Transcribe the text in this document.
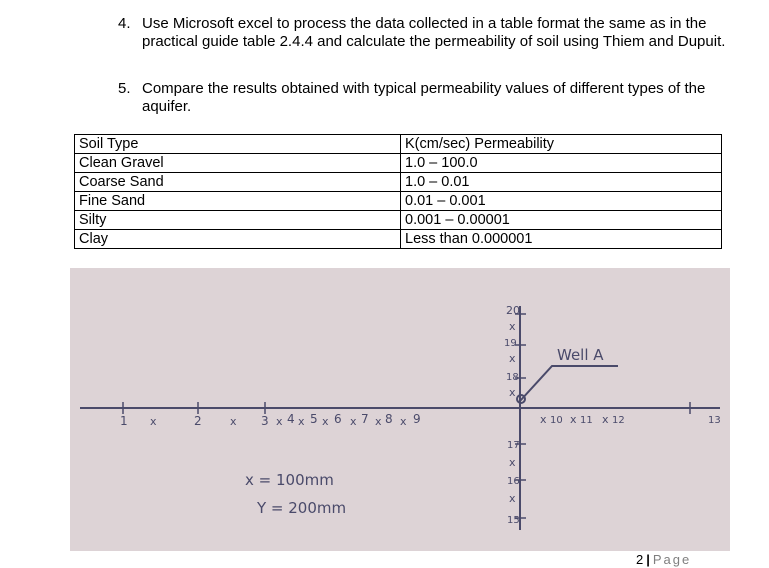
4. Use Microsoft excel to process the data collected in a table format the same as in the practical guide table 2.4.4 and calculate the permeability of soil using Thiem and Dupuit.
5. Compare the results obtained with typical permeability values of different types of the aquifer.
Soil Type	K(cm/sec) Permeability
Clean Gravel	1.0 – 100.0
Coarse Sand	1.0 – 0.01
Fine Sand	0.01 – 0.001
Silty	0.001 – 0.00001
Clay	Less than 0.000001
Well A
20
x
19
x
18
x
17
x
16
x
15
1 x	2	x 3 x 4 x 5 x 6 x 7 x 8 x 9	x 10 x 11 x 12	13
x = 100mm
Y = 200mm
2 | Page
